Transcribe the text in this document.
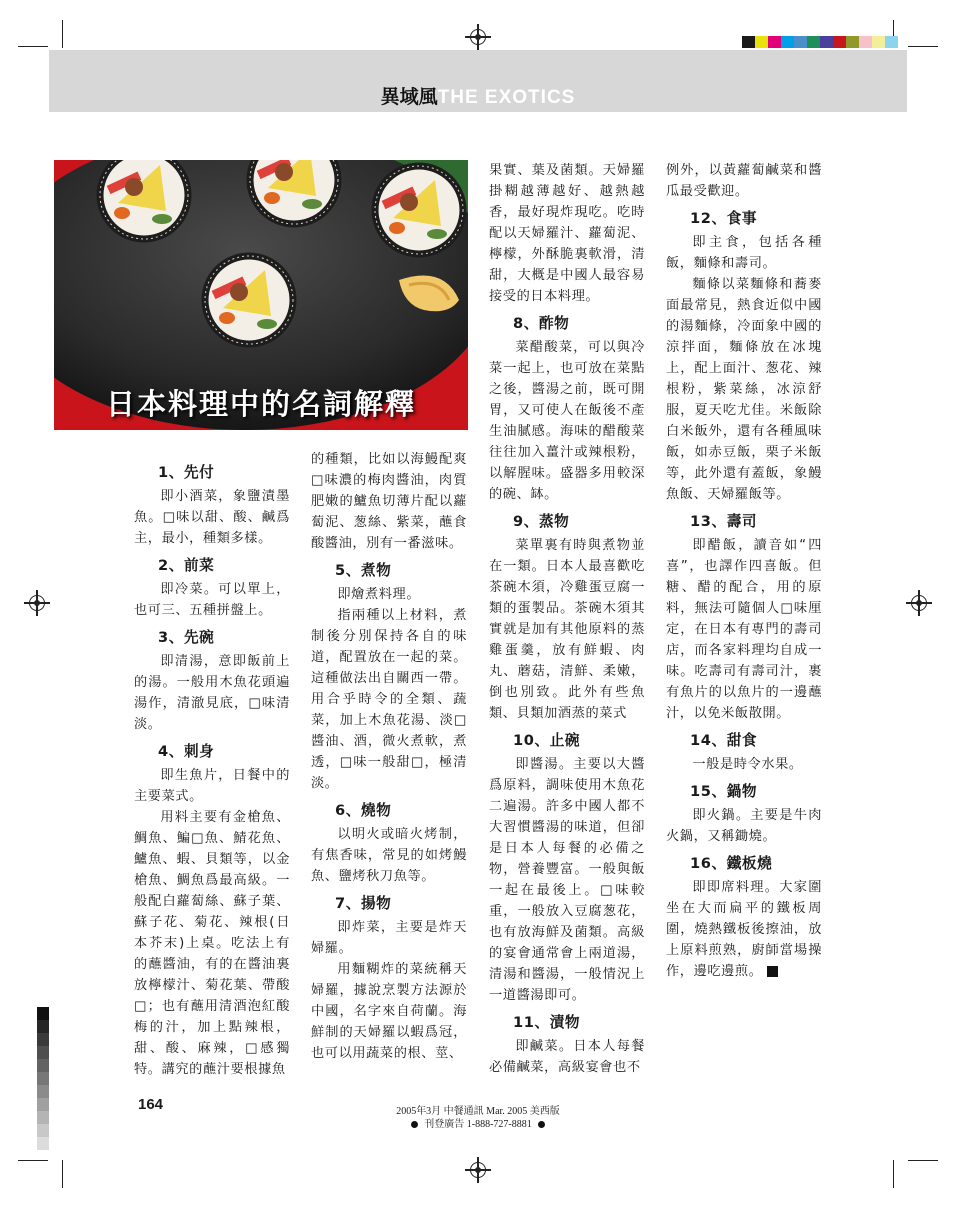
異域風THE EXOTICS
日本料理中的名詞解釋
1、先付

即小酒菜，象鹽漬墨魚。□味以甜、酸、鹹爲主，最小，種類多樣。

2、前菜

即冷菜。可以單上，也可三、五種拼盤上。

3、先碗

即清湯，意即飯前上的湯。一般用木魚花頭遍湯作，清澈見底，□味清淡。

4、刺身

即生魚片，日餐中的主要菜式。

用料主要有金槍魚、鯛魚、鯿□魚、鯖花魚、鱸魚、蝦、貝類等，以金槍魚、鯛魚爲最高級。一般配白蘿蔔絲、蘇子葉、蘇子花、菊花、辣根(日本芥末)上桌。吃法上有的蘸醬油，有的在醬油裏放檸檬汁、菊花葉、帶酸□；也有蘸用清酒泡紅酸梅的汁，加上點辣根，甜、酸、麻辣，□感獨特。講究的蘸汁要根據魚

的種類，比如以海鰻配爽□味濃的梅肉醬油，肉質肥嫩的鱸魚切薄片配以蘿蔔泥、葱絲、紫菜，蘸食酸醬油，別有一番滋味。

5、煮物

即燴煮料理。

指兩種以上材料，煮制後分別保持各自的味道，配置放在一起的菜。這種做法出自關西一帶。用合乎時令的全類、蔬菜，加上木魚花湯、淡□醬油、酒，微火煮軟，煮透，□味一般甜□，極清淡。

6、燒物

以明火或暗火烤制，有焦香味，常見的如烤鰻魚、鹽烤秋刀魚等。

7、揚物

即炸菜，主要是炸天婦羅。

用麵糊炸的菜統稱天婦羅，據說烹製方法源於中國，名字來自荷蘭。海鮮制的天婦羅以蝦爲冠，也可以用蔬菜的根、莖、

果實、葉及菌類。天婦羅掛糊越薄越好、越熱越香，最好現炸現吃。吃時配以天婦羅汁、蘿蔔泥、檸檬，外酥脆裏軟滑，清甜，大概是中國人最容易接受的日本料理。

8、酢物

菜醋酸菜，可以與冷菜一起上，也可放在菜點之後，醬湯之前，既可開胃，又可使人在飯後不產生油膩感。海味的醋酸菜往往加入薑汁或辣根粉，以解腥味。盛器多用較深的碗、缽。

9、蒸物

菜單裏有時與煮物並在一類。日本人最喜歡吃茶碗木須，冷雞蛋豆腐一類的蛋製品。茶碗木須其實就是加有其他原料的蒸雞蛋羹，放有鮮蝦、肉丸、蘑菇，清鮮、柔嫩，倒也別致。此外有些魚類、貝類加酒蒸的菜式

10、止碗

即醬湯。主要以大醬爲原料，調味使用木魚花二遍湯。許多中國人都不大習慣醬湯的味道，但卻是日本人每餐的必備之物，營養豐富。一般與飯一起在最後上。□味較重，一般放入豆腐葱花，也有放海鮮及菌類。高級的宴會通常會上兩道湯，清湯和醬湯，一般情況上一道醬湯即可。

11、漬物

即鹹菜。日本人每餐必備鹹菜，高級宴會也不

例外，以黃蘿蔔鹹菜和醬瓜最受歡迎。

12、食事

即主食，包括各種飯，麵條和壽司。

麵條以菜麵條和蕎麥面最常見，熱食近似中國的湯麵條，冷面象中國的涼拌面，麵條放在冰塊上，配上面汁、葱花、辣根粉，紫菜絲，冰涼舒服，夏天吃尤佳。米飯除白米飯外，還有各種風味飯，如赤豆飯，栗子米飯等，此外還有蓋飯，象鰻魚飯、天婦羅飯等。

13、壽司

即醋飯，讀音如“四喜”，也譯作四喜飯。但糖、醋的配合，用的原料，無法可隨個人□味厘定，在日本有專門的壽司店，而各家料理均自成一味。吃壽司有壽司汁，裹有魚片的以魚片的一邊蘸汁，以免米飯散開。

14、甜食

一般是時令水果。

15、鍋物

即火鍋。主要是牛肉火鍋，又稱鋤燒。

16、鐵板燒

即即席料理。大家圍坐在大而扁平的鐵板周圍，燒熱鐵板後擦油，放上原料煎熟，廚師當場操作，邊吃邊煎。

164	2005年3月 中餐通訊 Mar. 2005 美西版
刊登廣告 1-888-727-8881
